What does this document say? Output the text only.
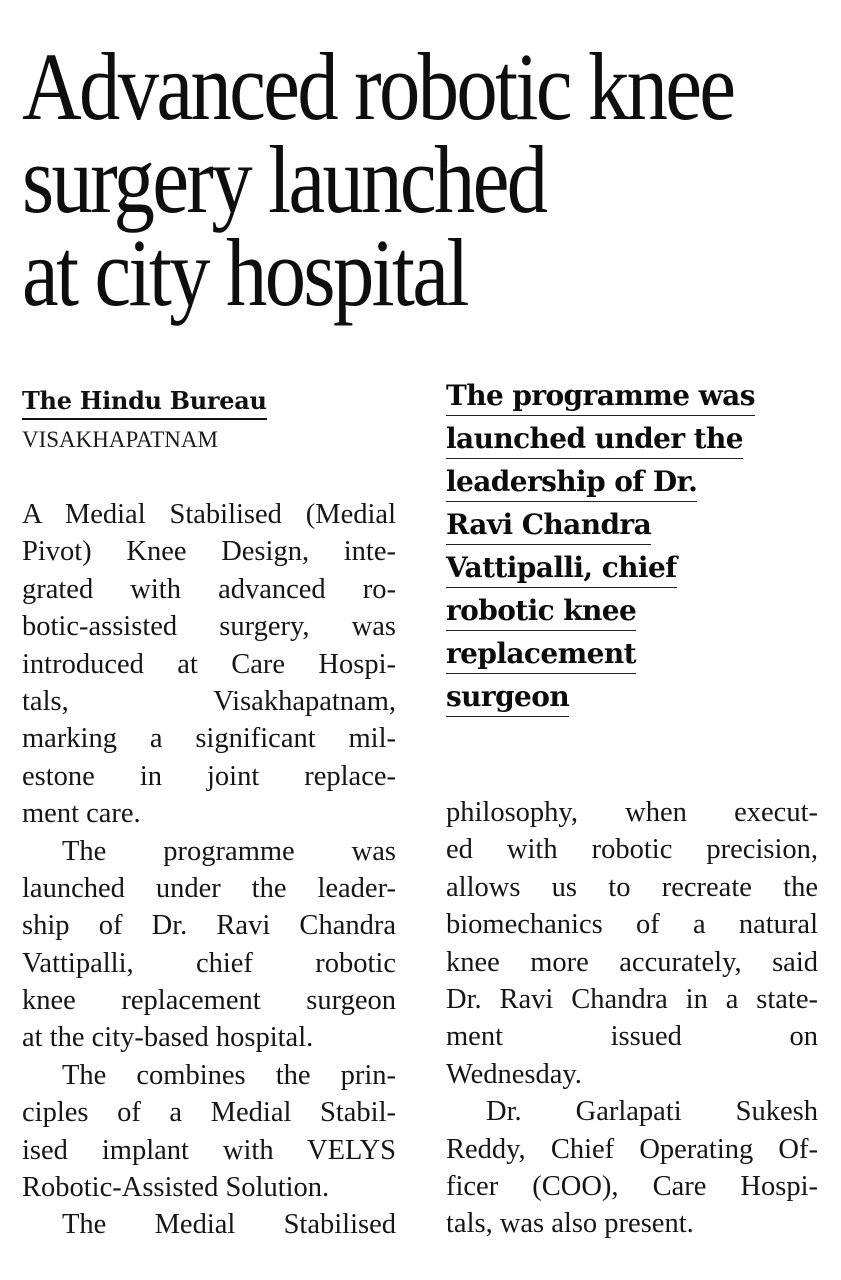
Advanced robotic knee
surgery launched
at city hospital
The Hindu Bureau
VISAKHAPATNAM
A Medial Stabilised (Medial
Pivot) Knee Design, inte-
grated with advanced ro-
botic-assisted surgery, was
introduced at Care Hospi-
tals, Visakhapatnam,
marking a significant mil-
estone in joint replace-
ment care.
The programme was
launched under the leader-
ship of Dr. Ravi Chandra
Vattipalli, chief robotic
knee replacement surgeon
at the city-based hospital.
The combines the prin-
ciples of a Medial Stabil-
ised implant with VELYS
Robotic-Assisted Solution.
The Medial Stabilised
The programme was
launched under the
leadership of Dr.
Ravi Chandra
Vattipalli, chief
robotic knee
replacement
surgeon
philosophy, when execut-
ed with robotic precision,
allows us to recreate the
biomechanics of a natural
knee more accurately, said
Dr. Ravi Chandra in a state-
ment issued on
Wednesday.
Dr. Garlapati Sukesh
Reddy, Chief Operating Of-
ficer (COO), Care Hospi-
tals, was also present.
